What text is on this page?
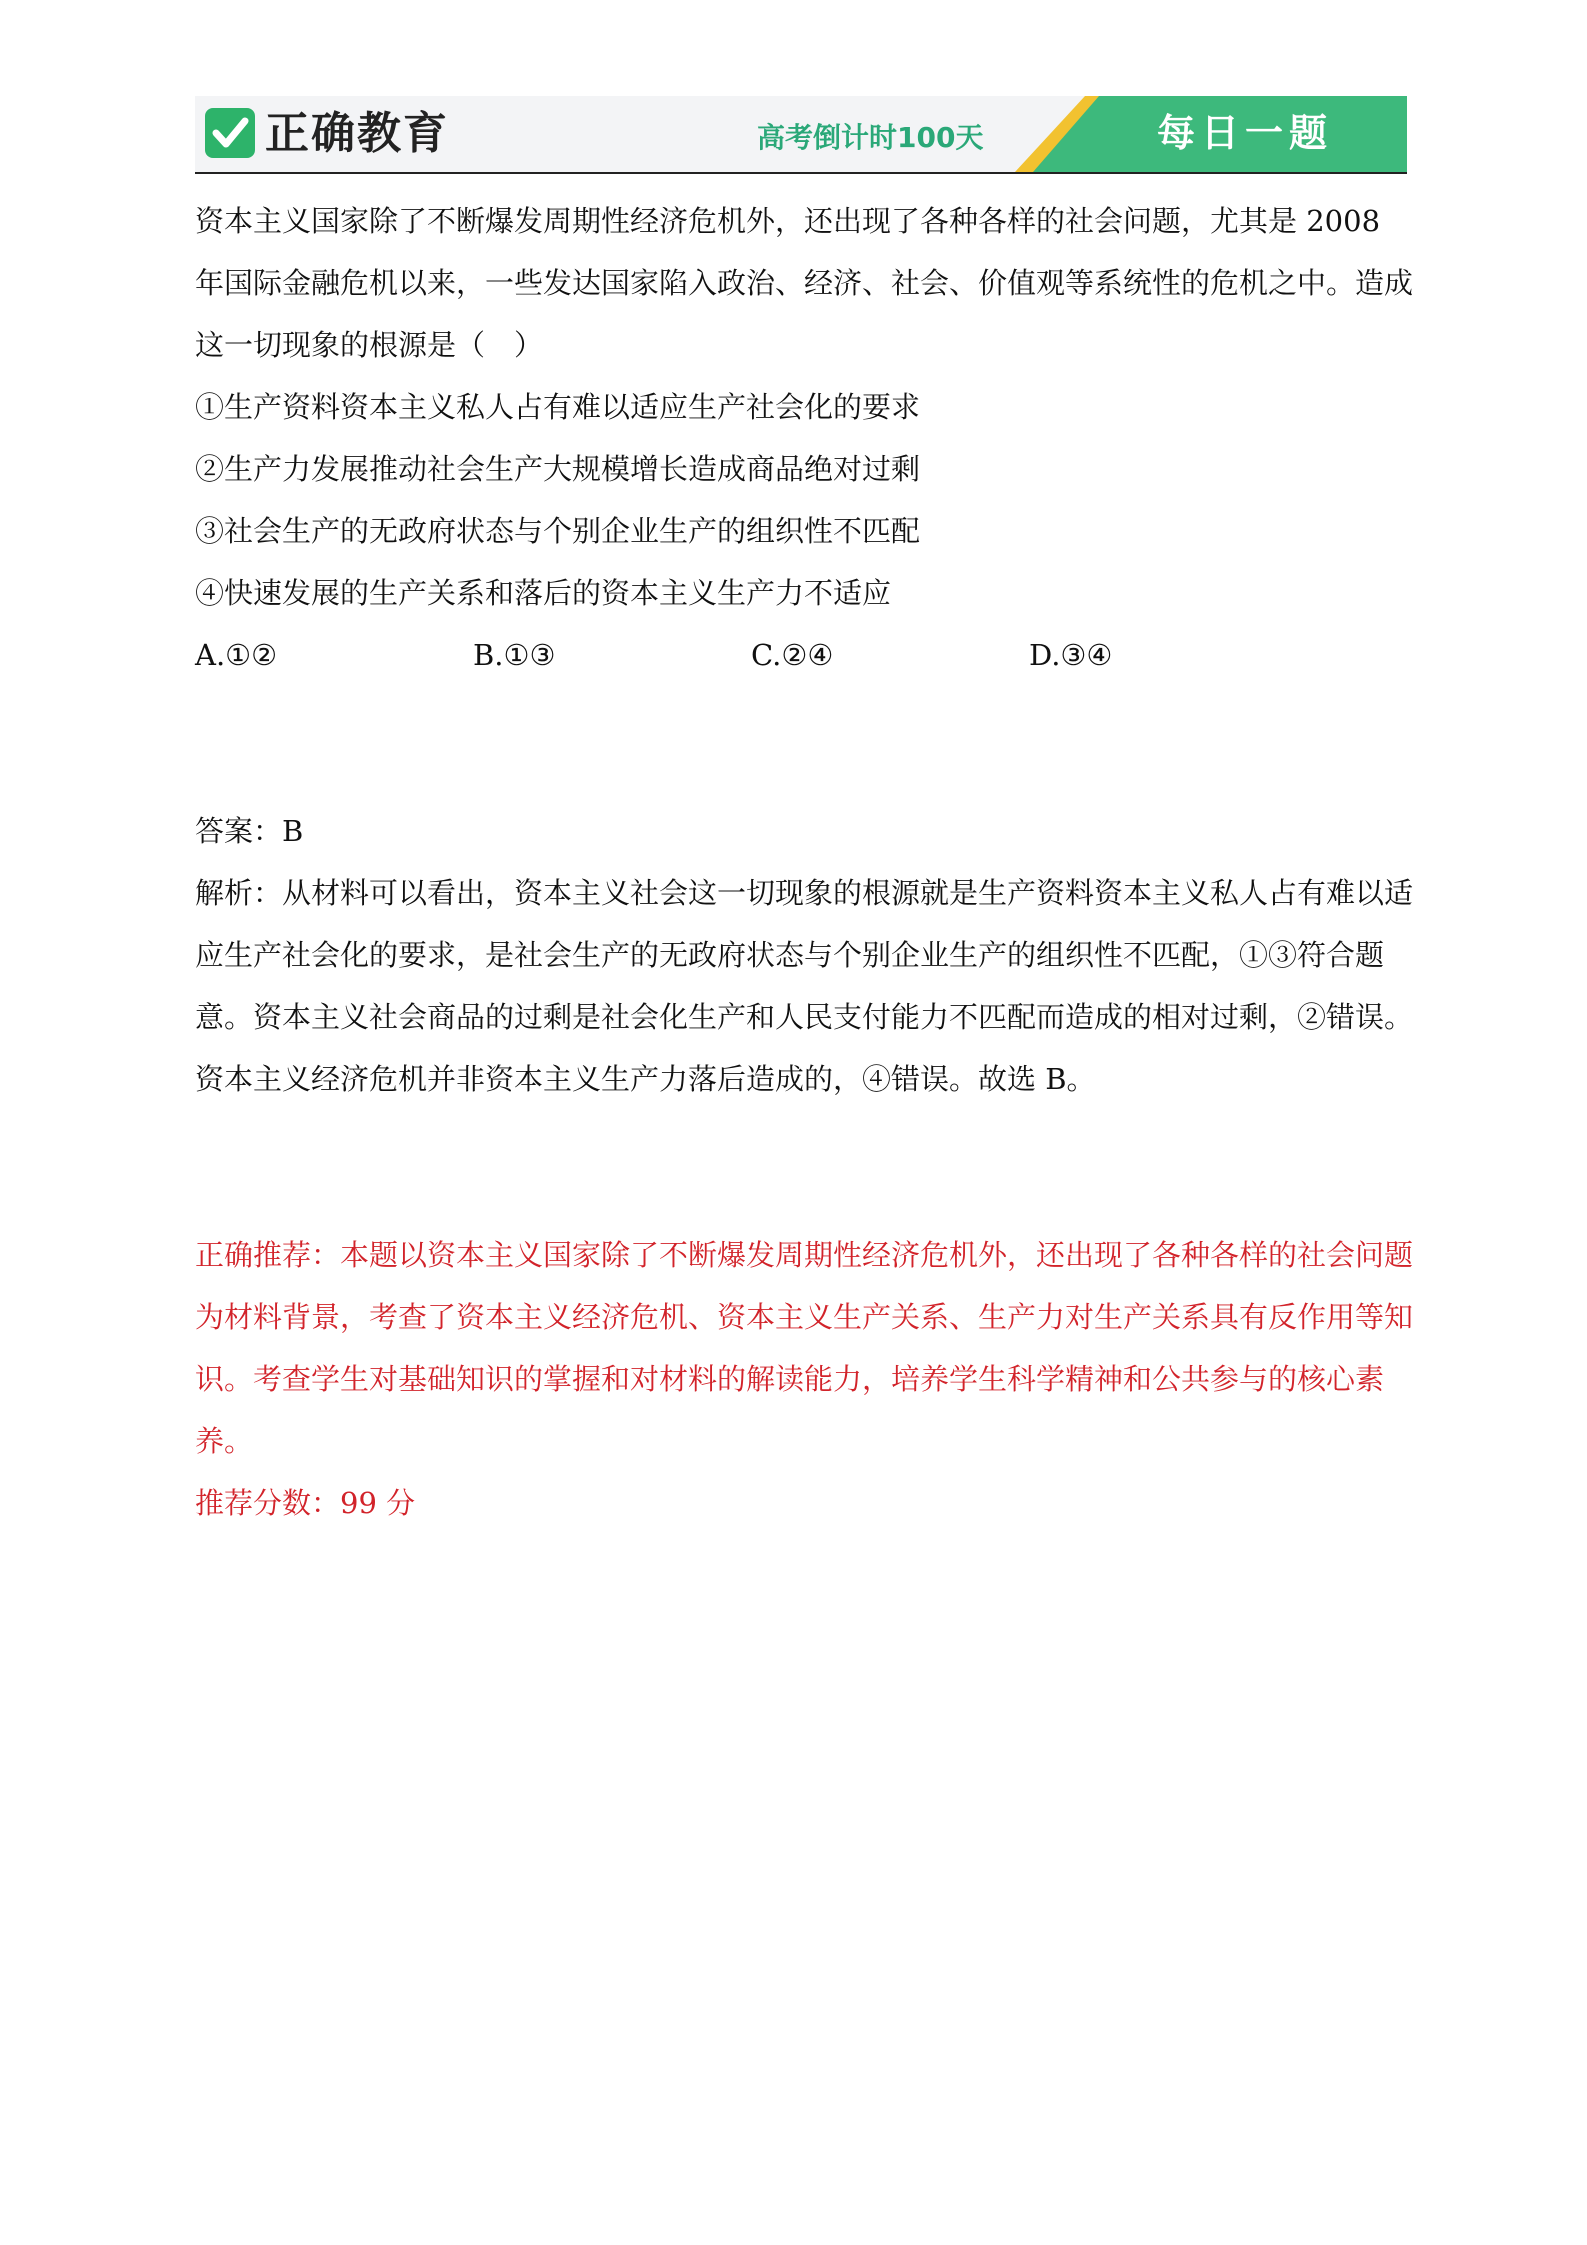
正确教育	高考倒计时100天	每日一题

资本主义国家除了不断爆发周期性经济危机外，还出现了各种各样的社会问题，尤其是 2008 年国际金融危机以来，一些发达国家陷入政治、经济、社会、价值观等系统性的危机之中。造成这一切现象的根源是（　）

①生产资料资本主义私人占有难以适应生产社会化的要求

②生产力发展推动社会生产大规模增长造成商品绝对过剩

③社会生产的无政府状态与个别企业生产的组织性不匹配

④快速发展的生产关系和落后的资本主义生产力不适应

A.①②	B.①③	C.②④	D.③④

答案：B

解析：从材料可以看出，资本主义社会这一切现象的根源就是生产资料资本主义私人占有难以适应生产社会化的要求，是社会生产的无政府状态与个别企业生产的组织性不匹配，①③符合题意。资本主义社会商品的过剩是社会化生产和人民支付能力不匹配而造成的相对过剩，②错误。资本主义经济危机并非资本主义生产力落后造成的，④错误。故选 B。

正确推荐：本题以资本主义国家除了不断爆发周期性经济危机外，还出现了各种各样的社会问题为材料背景，考查了资本主义经济危机、资本主义生产关系、生产力对生产关系具有反作用等知识。考查学生对基础知识的掌握和对材料的解读能力，培养学生科学精神和公共参与的核心素养。

推荐分数：99 分
